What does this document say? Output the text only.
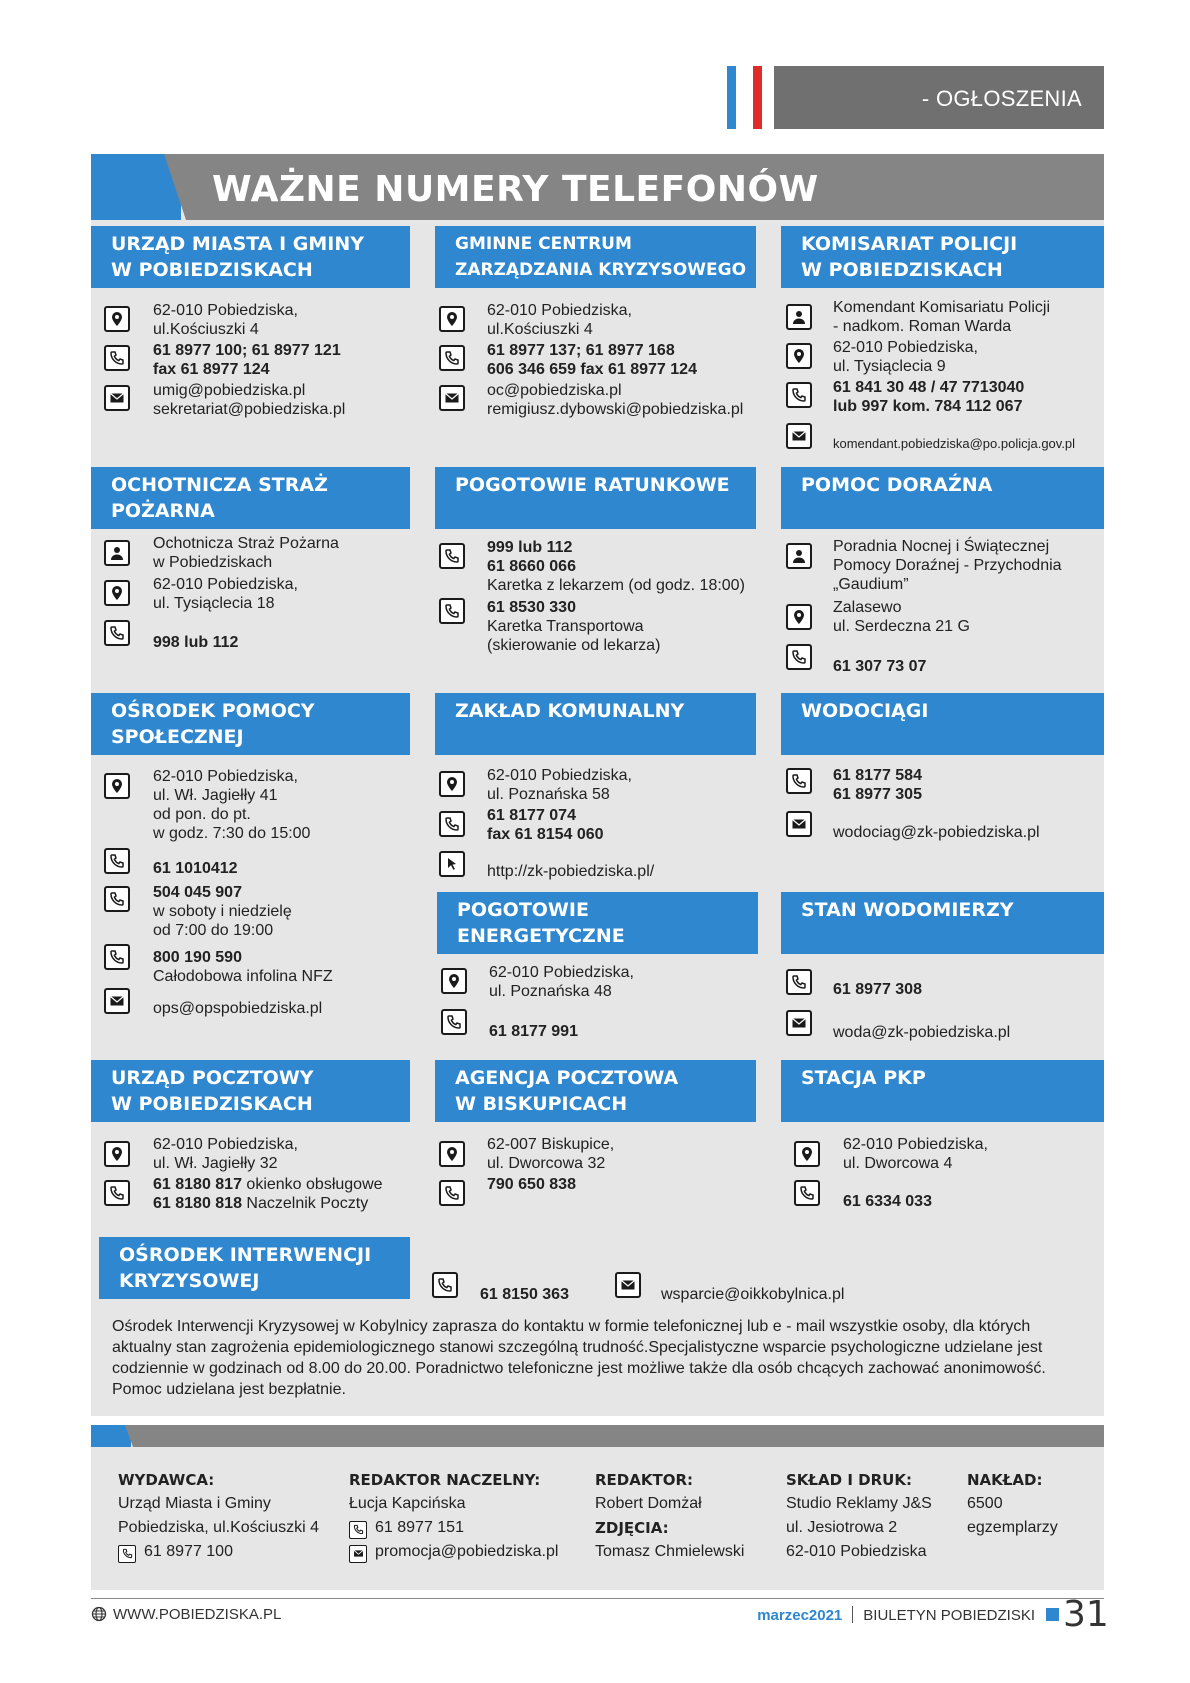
- OGŁOSZENIA
WAŻNE NUMERY TELEFONÓW
URZĄD MIASTA I GMINY
W POBIEDZISKACH
62-010 Pobiedziska,
ul.Kościuszki 4
61 8977 100; 61 8977 121
fax 61 8977 124
umig@pobiedziska.pl
sekretariat@pobiedziska.pl
GMINNE CENTRUM
ZARZĄDZANIA KRYZYSOWEGO
62-010 Pobiedziska,
ul.Kościuszki 4
61 8977 137; 61 8977 168
606 346 659 fax 61 8977 124
oc@pobiedziska.pl
remigiusz.dybowski@pobiedziska.pl
KOMISARIAT POLICJI
W POBIEDZISKACH
Komendant Komisariatu Policji
- nadkom. Roman Warda
62-010 Pobiedziska,
ul. Tysiąclecia 9
61 841 30 48 / 47 7713040
lub 997 kom. 784 112 067
komendant.pobiedziska@po.policja.gov.pl
OCHOTNICZA STRAŻ
POŻARNA
Ochotnicza Straż Pożarna
w Pobiedziskach
62-010 Pobiedziska,
ul. Tysiąclecia 18
998 lub 112
POGOTOWIE RATUNKOWE
999 lub 112
61 8660 066
Karetka z lekarzem (od godz. 18:00)
61 8530 330
Karetka Transportowa
(skierowanie od lekarza)
POMOC DORAŹNA
Poradnia Nocnej i Świątecznej
Pomocy Doraźnej - Przychodnia
„Gaudium”
Zalasewo
ul. Serdeczna 21 G
61 307 73 07
OŚRODEK POMOCY
SPOŁECZNEJ
62-010 Pobiedziska,
ul. Wł. Jagiełły 41
od pon. do pt.
w godz. 7:30 do 15:00
61 1010412
504 045 907
w soboty i niedzielę
od 7:00 do 19:00
800 190 590
Całodobowa infolina NFZ
ops@opspobiedziska.pl
ZAKŁAD KOMUNALNY
62-010 Pobiedziska,
ul. Poznańska 58
61 8177 074
fax 61 8154 060
http://zk-pobiedziska.pl/
WODOCIĄGI
61 8177 584
61 8977 305
wodociag@zk-pobiedziska.pl
POGOTOWIE
ENERGETYCZNE
62-010 Pobiedziska,
ul. Poznańska 48
61 8177 991
STAN WODOMIERZY
61 8977 308
woda@zk-pobiedziska.pl
URZĄD POCZTOWY
W POBIEDZISKACH
62-010 Pobiedziska,
ul. Wł. Jagiełły 32
61 8180 817 okienko obsługowe
61 8180 818 Naczelnik Poczty
AGENCJA POCZTOWA
W BISKUPICACH
62-007 Biskupice,
ul. Dworcowa 32
790 650 838
STACJA PKP
62-010 Pobiedziska,
ul. Dworcowa 4
61 6334 033
OŚRODEK INTERWENCJI
KRYZYSOWEJ
61 8150 363	wsparcie@oikkobylnica.pl
Ośrodek Interwencji Kryzysowej w Kobylnicy zaprasza do kontaktu w formie telefonicznej lub e - mail wszystkie osoby, dla których
aktualny stan zagrożenia epidemiologicznego stanowi szczególną trudność.Specjalistyczne wsparcie psychologiczne udzielane jest
codziennie w godzinach od 8.00 do 20.00. Poradnictwo telefoniczne jest możliwe także dla osób chcących zachować anonimowość.
Pomoc udzielana jest bezpłatnie.
WYDAWCA:
Urząd Miasta i Gminy
Pobiedziska, ul.Kościuszki 4
61 8977 100
REDAKTOR NACZELNY:
Łucja Kapcińska
61 8977 151
promocja@pobiedziska.pl
REDAKTOR:
Robert Domżał
ZDJĘCIA:
Tomasz Chmielewski
SKŁAD I DRUK:
Studio Reklamy J&S
ul. Jesiotrowa 2
62-010 Pobiedziska
NAKŁAD:
6500
egzemplarzy
WWW.POBIEDZISKA.PL	marzec2021 BIULETYN POBIEDZISKI 31
